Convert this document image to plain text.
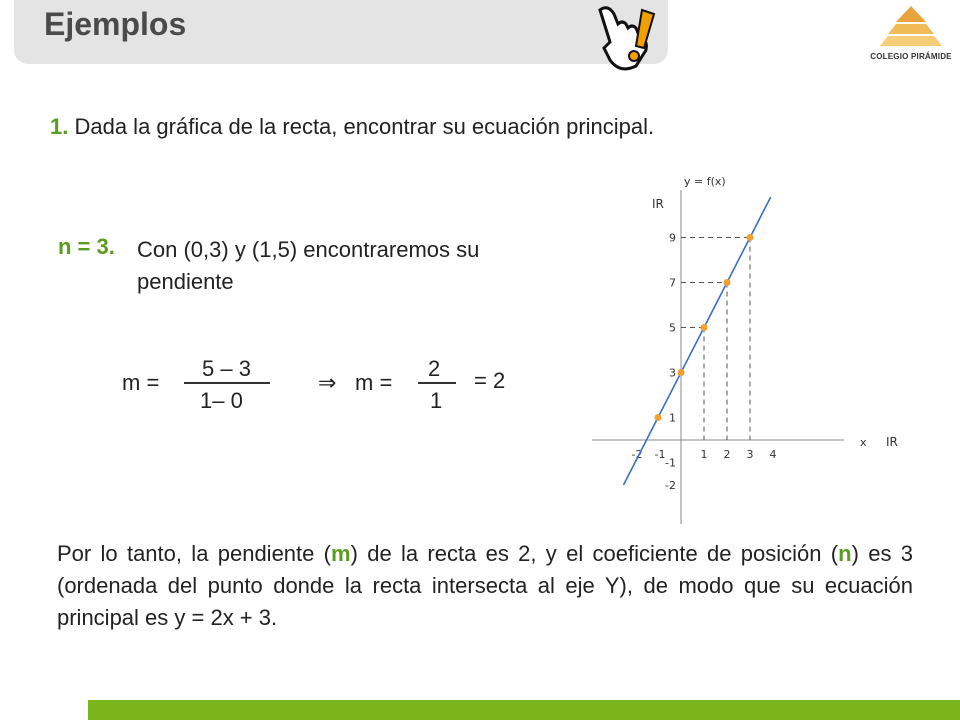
Ejemplos
COLEGIO PIRÁMIDE
1. Dada la gráfica de la recta, encontrar su ecuación principal.
n = 3. Con (0,3) y (1,5) encontraremos su pendiente
m =
5 – 3
1– 0
⇒ m =
2
1
= 2
y = f(x)
IR
x IR
-2 -1	1 2 3 4
9
7
5
3
1
-1
-2
Por lo tanto, la pendiente (m) de la recta es 2, y el coeficiente de posición (n) es 3 (ordenada del punto donde la recta intersecta al eje Y), de modo que su ecuación principal es y = 2x + 3.
